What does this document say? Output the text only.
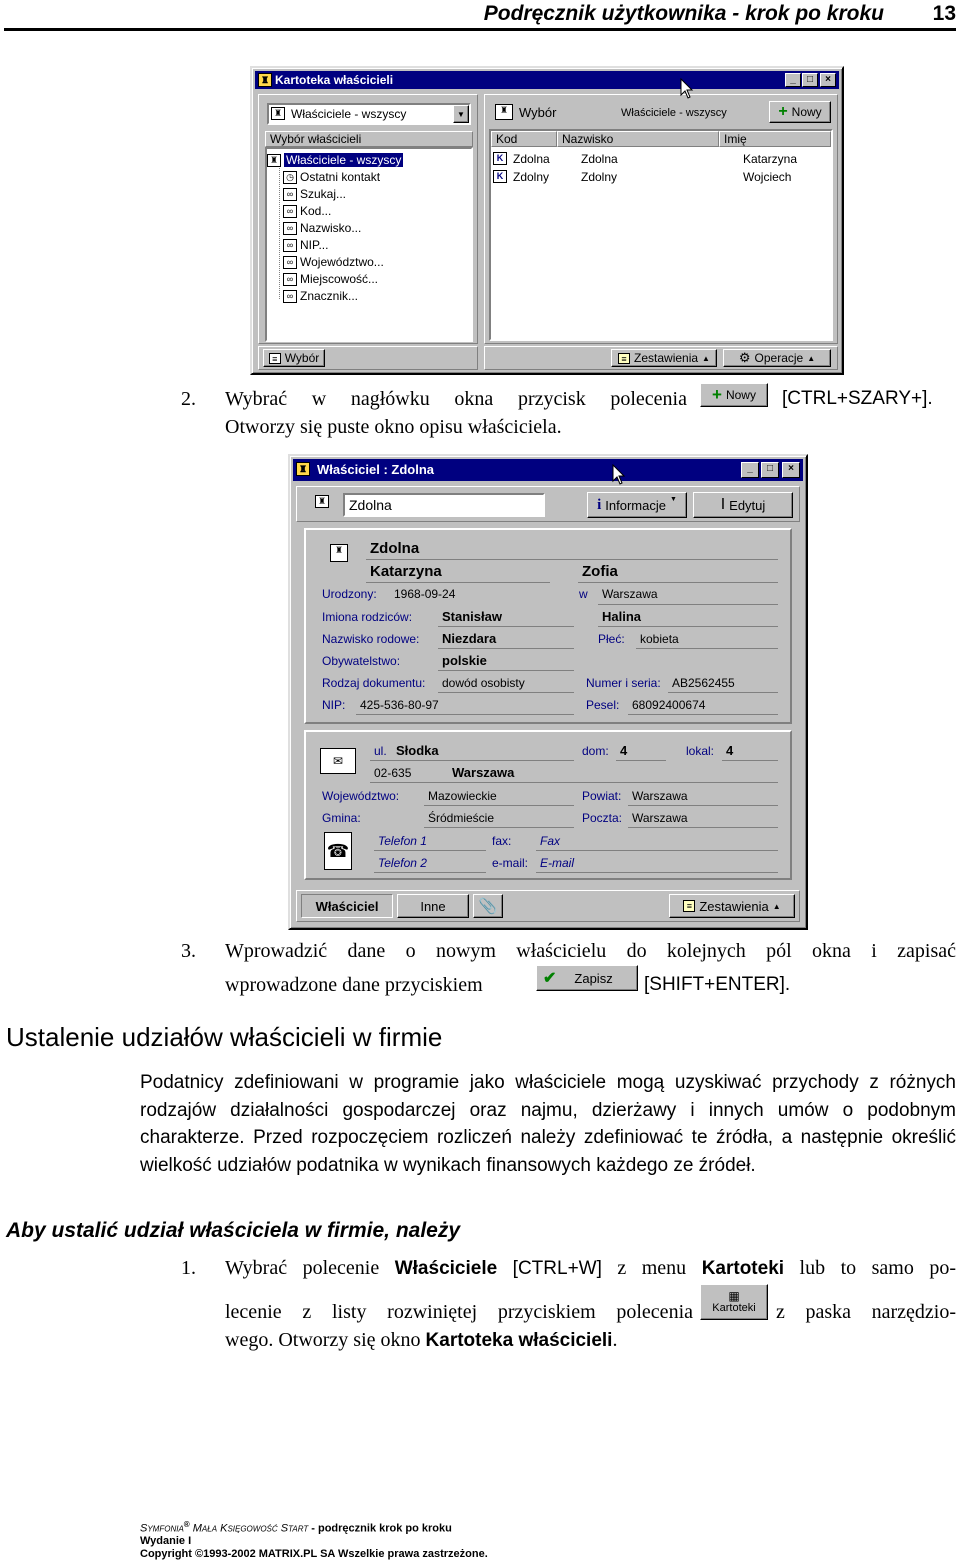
Podręcznik użytkownika - krok po kroku	13
♜ Kartoteka właścicieli	_	□	×
♜ Właściciele - wszyscy	▼
Wybór właścicieli
♜ Właściciele - wszyscy
◷ Ostatni kontakt
∞ Szukaj...
∞ Kod...
∞ Nazwisko...
∞ NIP...
∞ Województwo...
∞ Miejscowość...
∞ Znacznik...
≡ Wybór
♜ Wybór	Właściciele - wszyscy	+ Nowy
Kod	Nazwisko	Imię
K Zdolna	Zdolna	Katarzyna
K Zdolny	Zdolny	Wojciech
≡ Zestawienia ▲ ⚙ Operacje ▲
2. Wybrać w nagłówku okna przycisk polecenia + Nowy [CTRL+SZARY+].
Otworzy się puste okno opisu właściciela.
♜ Właściciel : Zdolna	_	□	×
♜ Zdolna	i Informacje ▼	I Edytuj
♜	Zdolna
Katarzyna	Zofia
Urodzony: 1968-09-24	w Warszawa
Imiona rodziców: Stanisław	Halina
Nazwisko rodowe: Niezdara	Płeć: kobieta
Obywatelstwo:	polskie
Rodzaj dokumentu: dowód osobisty	Numer i seria: AB2562455
NIP: 425-536-80-97	Pesel: 68092400674
✉
ul. Słodka	dom: 4	lokal: 4
02-635	Warszawa
Województwo: Mazowieckie	Powiat: Warszawa
Gmina:	Śródmieście	Poczta: Warszawa
☎ Telefon 1	fax: Fax
Telefon 2	e-mail: E-mail
Właściciel	Inne 📎	≡ Zestawienia ▲
3. Wprowadzić dane o nowym właścicielu do kolejnych pól okna i zapisać
wprowadzone dane przyciskiem	✔ Zapisz [SHIFT+ENTER].
Ustalenie udziałów właścicieli w firmie
Podatnicy zdefiniowani w programie jako właściciele mogą uzyskiwać przychody z różnych rodzajów działalności gospodarczej oraz najmu, dzierżawy i innych umów o podobnym charakterze. Przed rozpoczęciem rozliczeń należy zdefiniować te źródła, a następnie określić wielkość udziałów podatnika w wynikach finansowych każdego ze źródeł.
Aby ustalić udział właściciela w firmie, należy
1. Wybrać polecenie Właściciele [CTRL+W] z menu Kartoteki lub to samo po-
lecenie z listy rozwiniętej przyciskiem polecenia
▦
Kartoteki z paska narzędzio-
wego. Otworzy się okno Kartoteka właścicieli.
Symfonia® Mała Księgowość Start - podręcznik krok po kroku
Wydanie I
Copyright ©1993-2002 MATRIX.PL SA Wszelkie prawa zastrzeżone.
